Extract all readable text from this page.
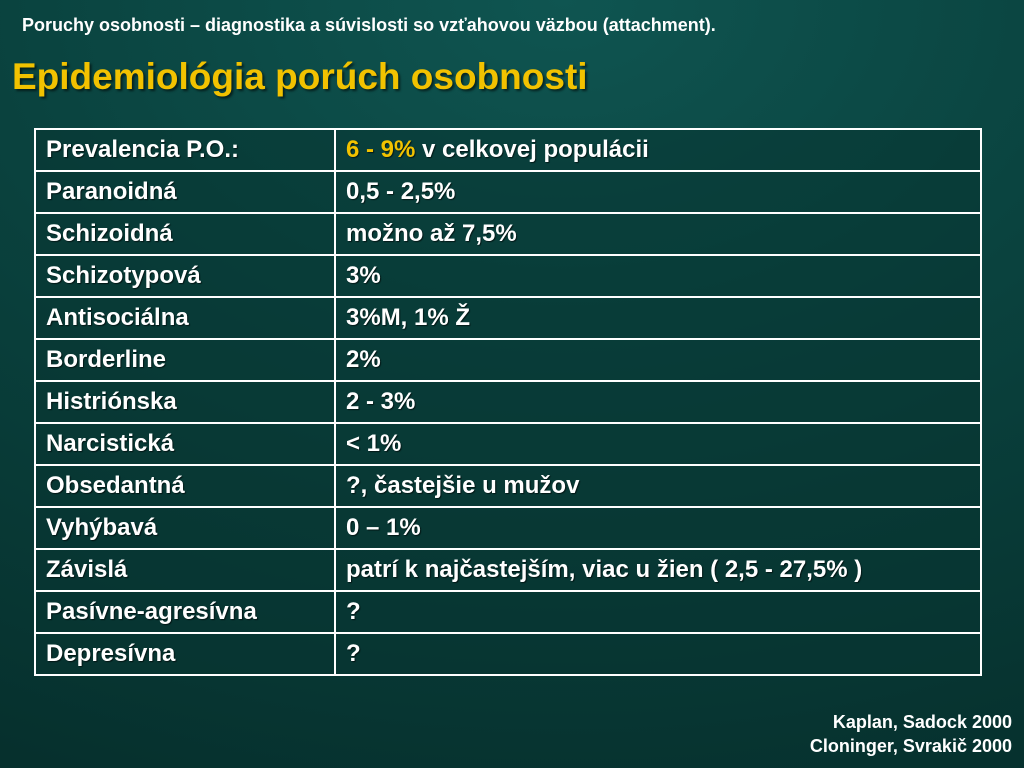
Poruchy osobnosti – diagnostika a súvislosti so vzťahovou väzbou (attachment).
Epidemiológia porúch osobnosti
Prevalencia P.O.:	6 - 9% v celkovej populácii
Paranoidná	0,5 - 2,5%
Schizoidná	možno až 7,5%
Schizotypová	3%
Antisociálna	3%M, 1% Ž
Borderline	2%
Histriónska	2 - 3%
Narcistická	< 1%
Obsedantná	?, častejšie u mužov
Vyhýbavá	0 – 1%
Závislá	patrí k najčastejším, viac u žien ( 2,5 - 27,5% )
Pasívne-agresívna	?
Depresívna	?
Kaplan, Sadock 2000
Cloninger, Svrakič 2000
